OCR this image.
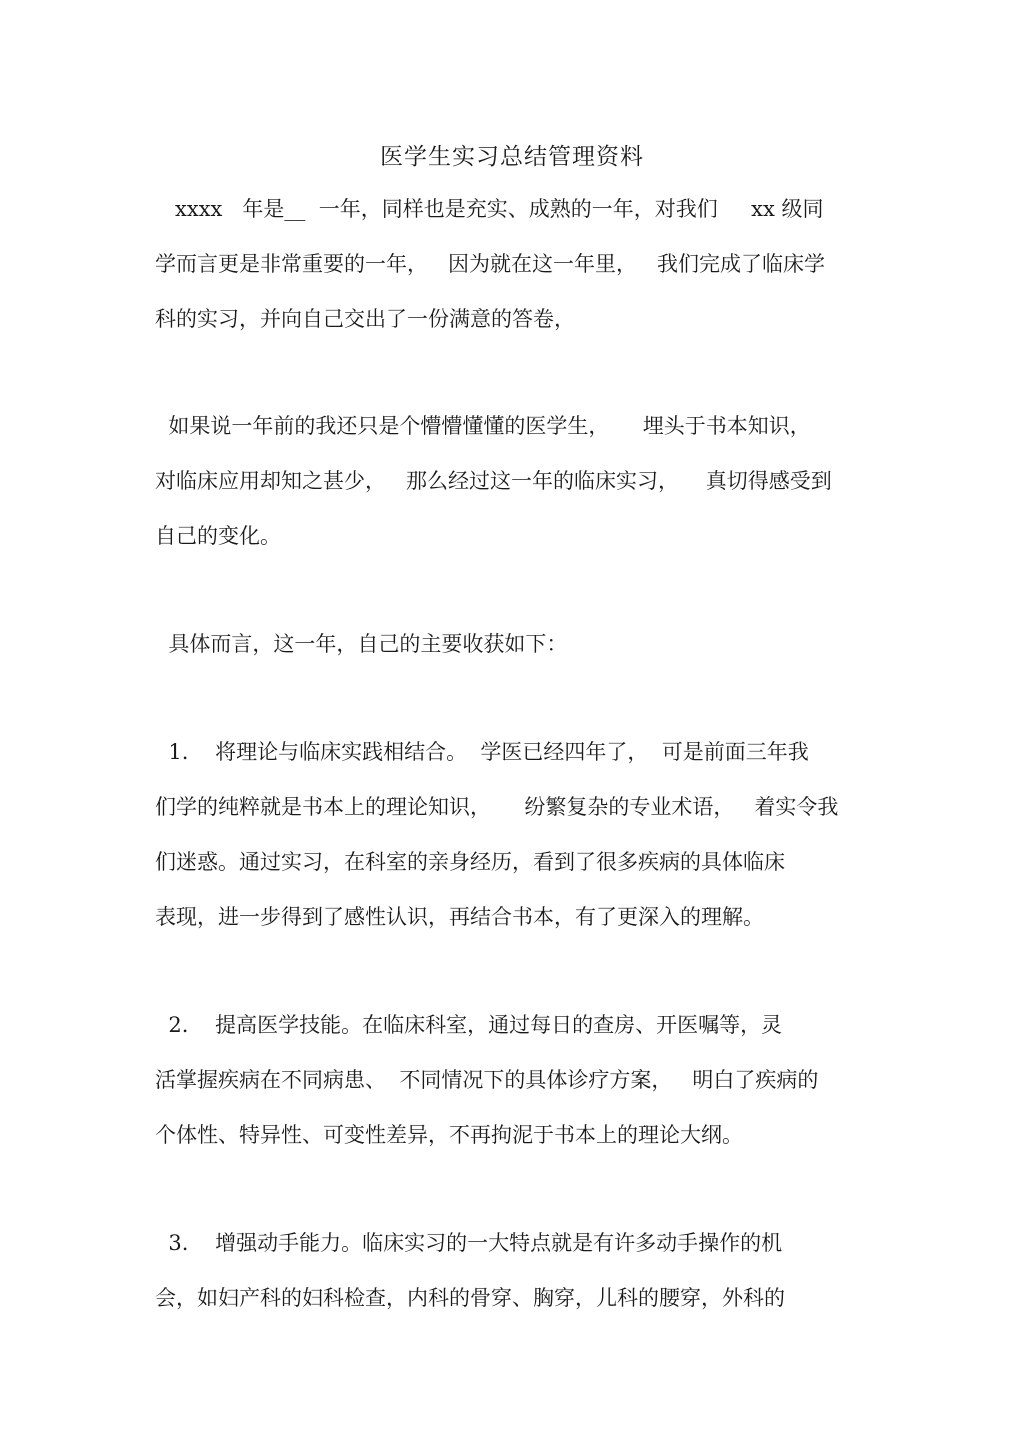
医学生实习总结管理资料
xxxx   年是__  一年，同样也是充实、成熟的一年，对我们     xx 级同
学而言更是非常重要的一年，   因为就在这一年里，   我们完成了临床学
科的实习，并向自己交出了一份满意的答卷，
如果说一年前的我还只是个懵懵懂懂的医学生，     埋头于书本知识，
对临床应用却知之甚少，   那么经过这一年的临床实习，    真切得感受到
自己的变化。
具体而言，这一年，自己的主要收获如下：
1.    将理论与临床实践相结合。  学医已经四年了，  可是前面三年我
们学的纯粹就是书本上的理论知识，     纷繁复杂的专业术语，   着实令我
们迷惑。通过实习，在科室的亲身经历，看到了很多疾病的具体临床
表现，进一步得到了感性认识，再结合书本，有了更深入的理解。
2.    提高医学技能。在临床科室，通过每日的查房、开医嘱等，灵
活掌握疾病在不同病患、  不同情况下的具体诊疗方案，   明白了疾病的
个体性、特异性、可变性差异，不再拘泥于书本上的理论大纲。
3.    增强动手能力。临床实习的一大特点就是有许多动手操作的机
会，如妇产科的妇科检查，内科的骨穿、胸穿，儿科的腰穿，外科的
